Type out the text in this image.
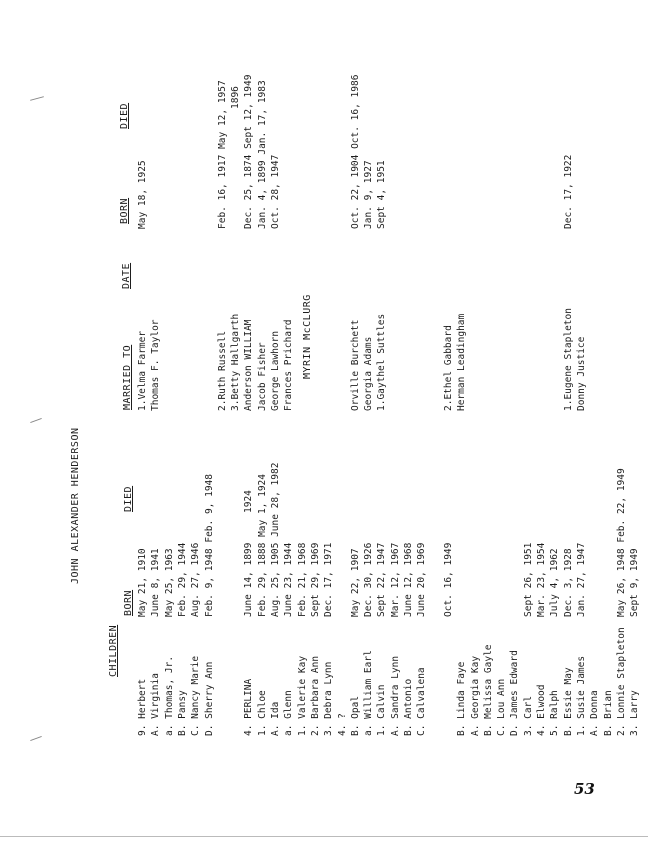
JOHN ALEXANDER HENDERSON
MYRIN McCLURG
CHILDREN
BORN
DIED
MARRIED TO
DATE
BORN
DIED
9. Herbert
May 21, 1910
1.Velma Farmer
May 18, 1925
A. Virginia
June 8, 1941
Thomas F. Taylor
a. Thomas, Jr.
May 25, 1963
B. Pansy
Feb. 29, 1944
C. Nancy Marie
Aug. 27, 1946
D. Sherry Ann
Feb. 9, 1948 Feb. 9, 1948
2.Ruth Russell
Feb. 16, 1917 May 12, 1957
3.Betty Hallgarth
1896
4. PERLINA
June 14, 1899
1924
Anderson WILLIAM
Dec. 25, 1874 Sept 12, 1949
1. Chloe
Feb. 29, 1888 May 1, 1924
Jacob Fisher
Jan. 4, 1899 Jan. 17, 1983
A. Ida
Aug. 25, 1905 June 28, 1982
George Lawhorn
Oct. 28, 1947
a. Glenn
June 23, 1944
Frances Prichard
1. Valerie Kay
Feb. 21, 1968
2. Barbara Ann
Sept 29, 1969
3. Debra Lynn
Dec. 17, 1971
4. ? B. Opal
May 22, 1907
Orville Burchett
Oct. 22, 1904 Oct. 16, 1986
a. William Earl
Dec. 30, 1926
Georgia Adams
Jan. 9, 1927
1. Calvin
Sept 22, 1947
1.Gaythel Suttles
Sept 4, 1951
A. Sandra Lynn
Mar. 12, 1967
B. Antonio
June 12, 1968
C. Calvalena
June 20, 1969 Oct. 16, 1949
2.Ethel Gabbard
B. Linda Faye
Herman Leadingham
A. Georgia Kay B. Melissa Gayle C. Lou Ann D. James Edward 3. Carl
Sept 26, 1951
4. Elwood
Mar. 23, 1954
5. Ralph
July 4, 1962
B. Essie May
Dec. 3, 1928
1.Eugene Stapleton
Dec. 17, 1922
1. Susie James
Jan. 27, 1947
Donny Justice
A. Donna B. Brian 2. Lonnie Stapleton
May 26, 1948 Feb. 22, 1949
3. Larry
Sept 9, 1949
53
